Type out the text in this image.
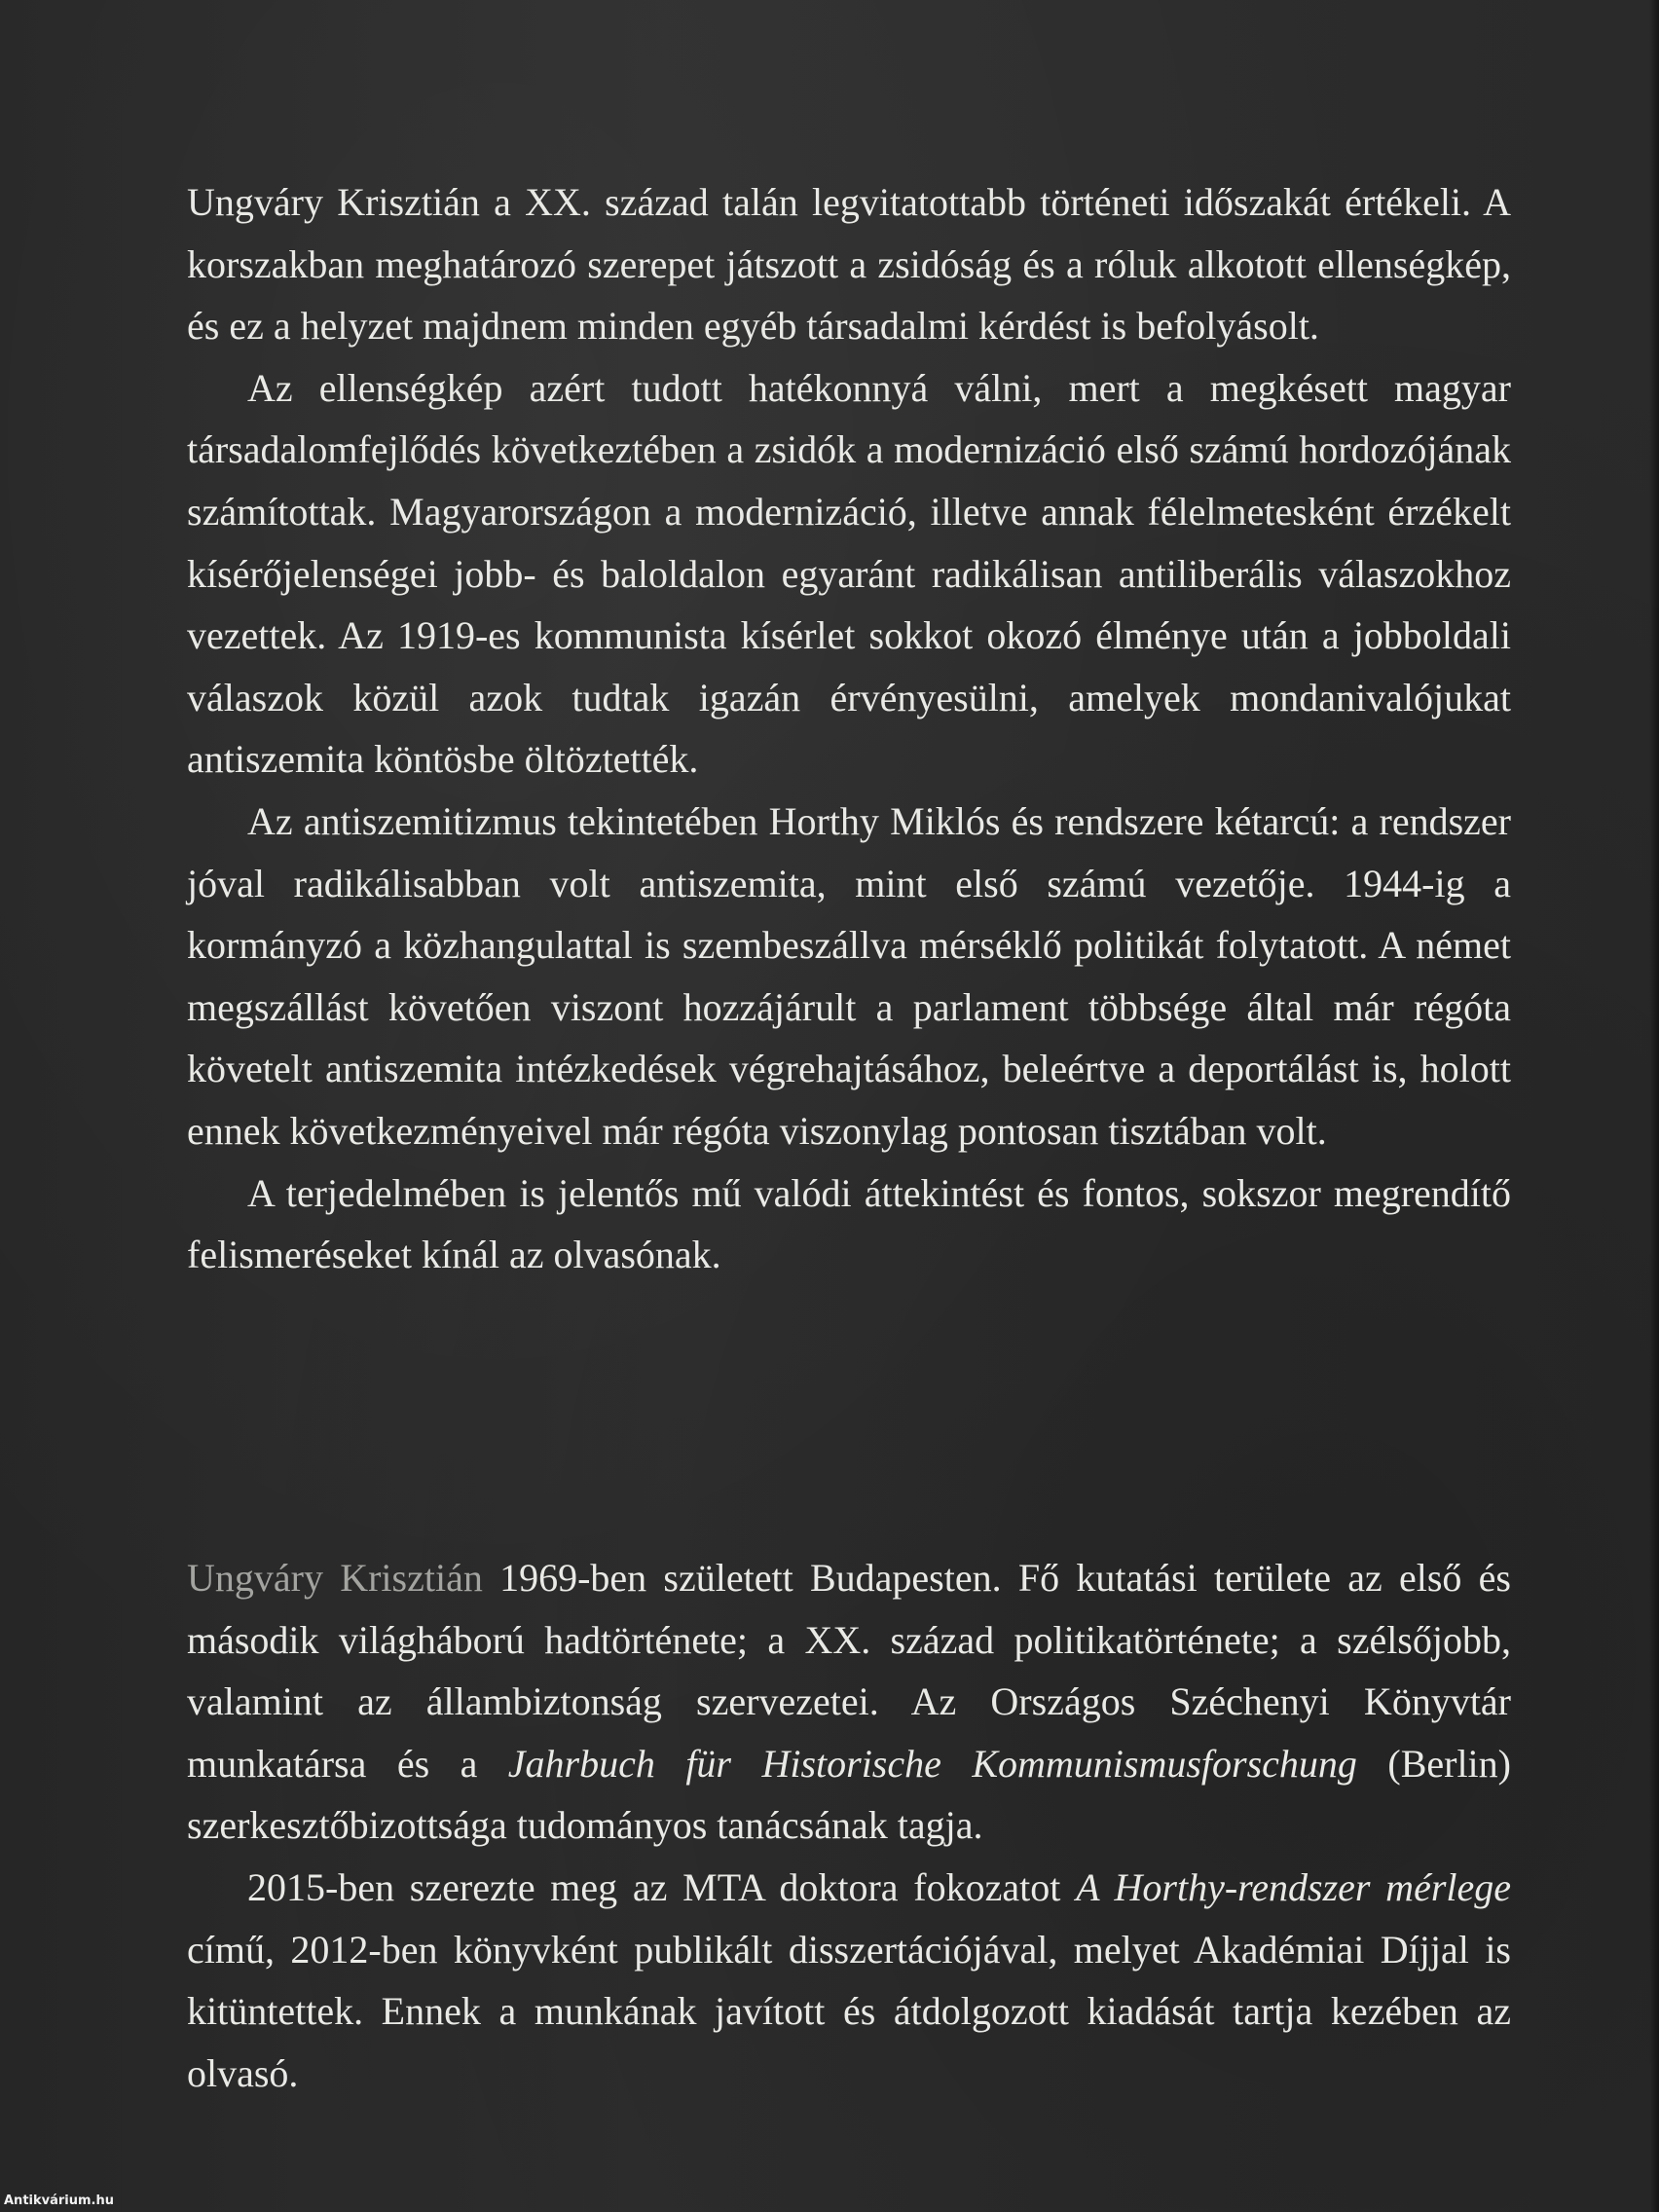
Ungváry Krisztián a XX. század talán legvitatottabb történeti időszakát értékeli. A korszakban meghatározó szerepet játszott a zsidóság és a róluk alkotott ellenségkép, és ez a helyzet majdnem minden egyéb társadalmi kérdést is befolyásolt.

Az ellenségkép azért tudott hatékonnyá válni, mert a megkésett magyar társadalomfejlődés következtében a zsidók a modernizáció első számú hordozójának számítottak. Magyarországon a modernizáció, illetve annak félelmetesként érzékelt kísérőjelenségei jobb- és baloldalon egyaránt radikálisan antiliberális válaszokhoz vezettek. Az 1919-es kommunista kísérlet sokkot okozó élménye után a jobboldali válaszok közül azok tudtak igazán érvényesülni, amelyek mondanivalójukat antiszemita köntösbe öltöztették.

Az antiszemitizmus tekintetében Horthy Miklós és rendszere kétarcú: a rendszer jóval radikálisabban volt antiszemita, mint első számú vezetője. 1944-ig a kormányzó a közhangulattal is szembeszállva mérséklő politikát folytatott. A német megszállást követően viszont hozzájárult a parlament többsége által már régóta követelt antiszemita intézkedések végrehajtásához, beleértve a deportálást is, holott ennek következményeivel már régóta viszonylag pontosan tisztában volt.

A terjedelmében is jelentős mű valódi áttekintést és fontos, sokszor megrendítő felismeréseket kínál az olvasónak.

Ungváry Krisztián 1969-ben született Budapesten. Fő kutatási területe az első és második világháború hadtörténete; a XX. század politikatörténete; a szélsőjobb, valamint az állambiztonság szervezetei. Az Országos Széchenyi Könyvtár munkatársa és a Jahrbuch für Historische Kommunismusforschung (Berlin) szerkesztőbizottsága tudományos tanácsának tagja.

2015-ben szerezte meg az MTA doktora fokozatot A Horthy-rendszer mérlege című, 2012-ben könyvként publikált disszertációjával, melyet Akadémiai Díjjal is kitüntettek. Ennek a munkának javított és átdolgozott kiadását tartja kezében az olvasó.

Antikvárium.hu
